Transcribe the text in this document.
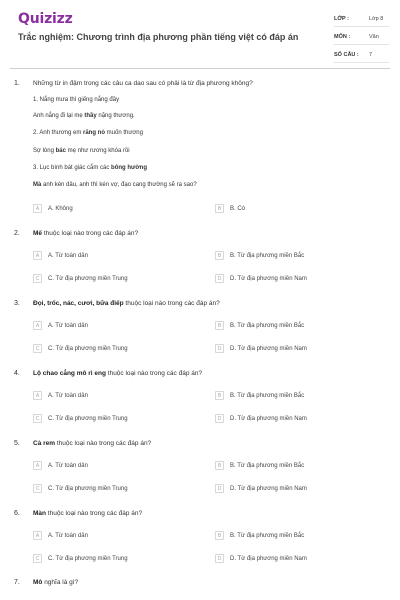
Quizizz
Trắc nghiệm: Chương trình địa phương phần tiếng việt có đáp án
LỚP :	Lớp 8
MÔN :	Văn
SỐ CÂU : 7
1. Những từ in đậm trong các câu ca dao sau có phải là từ địa phương không?
1. Nắng mưa thì giếng nắng đầy
Anh nắng đi lại mẹ thầy nặng thương.
2. Anh thương em răng nỏ muốn thương
Sợ lòng bác mẹ như rương khóa rồi
3. Lục bình bát giác cắm các bông hường
Mà anh kén dâu, anh thì kén vợ, đạo cang thường sẽ ra sao?
A	A. Không	B	B. Có
2. Mế thuộc loại nào trong các đáp án?
A	A. Từ toàn dân	B	B. Từ địa phương miền Bắc
C	C. Từ địa phương miền Trung	D	D. Từ địa phương miền Nam
3. Đọi, trốc, nác, cươi, bữa điếp thuộc loại nào trong các đáp án?
A	A. Từ toàn dân	B	B. Từ địa phương miền Bắc
C	C. Từ địa phương miền Trung	D	D. Từ địa phương miền Nam
4. Lộ chao cẳng mô rì eng thuộc loại nào trong các đáp án?
A	A. Từ toàn dân	B	B. Từ địa phương miền Bắc
C	C. Từ địa phương miền Trung	D	D. Từ địa phương miền Nam
5. Cà rem thuộc loại nào trong các đáp án?
A	A. Từ toàn dân	B	B. Từ địa phương miền Bắc
C	C. Từ địa phương miền Trung	D	D. Từ địa phương miền Nam
6. Màn thuộc loại nào trong các đáp án?
A	A. Từ toàn dân	B	B. Từ địa phương miền Bắc
C	C. Từ địa phương miền Trung	D	D. Từ địa phương miền Nam
7. Mô nghĩa là gì?
